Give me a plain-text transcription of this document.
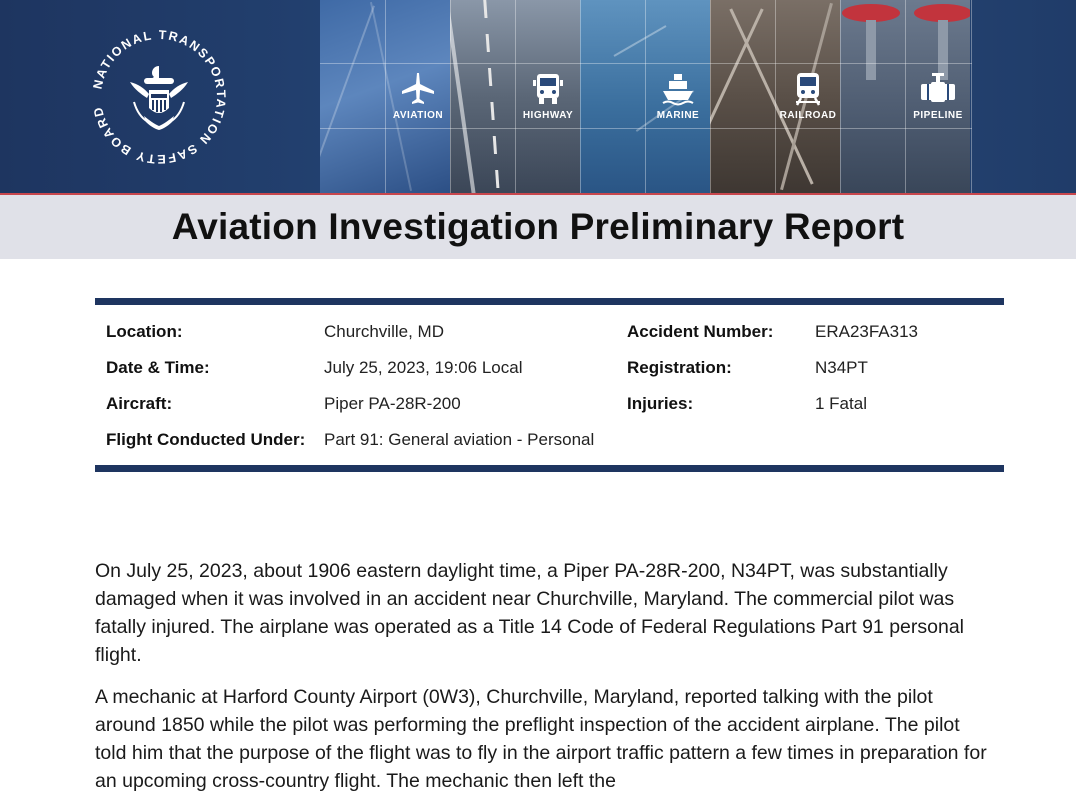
AVIATION	HIGHWAY	MARINE	RAILROAD	PIPELINE
NATIONAL TRANSPORTATION SAFETY BOARD
Aviation Investigation Preliminary Report
Location:	Churchville, MD	Accident Number: ERA23FA313
Date & Time:	July 25, 2023, 19:06 Local	Registration:	N34PT
Aircraft:	Piper PA-28R-200	Injuries:	1 Fatal
Flight Conducted Under: Part 91: General aviation - Personal

On July 25, 2023, about 1906 eastern daylight time, a Piper PA-28R-200, N34PT, was substantially damaged when it was involved in an accident near Churchville, Maryland. The commercial pilot was fatally injured. The airplane was operated as a Title 14 Code of Federal Regulations Part 91 personal flight.

A mechanic at Harford County Airport (0W3), Churchville, Maryland, reported talking with the pilot around 1850 while the pilot was performing the preflight inspection of the accident airplane. The pilot told him that the purpose of the flight was to fly in the airport traffic pattern a few times in preparation for an upcoming cross-country flight. The mechanic then left the
